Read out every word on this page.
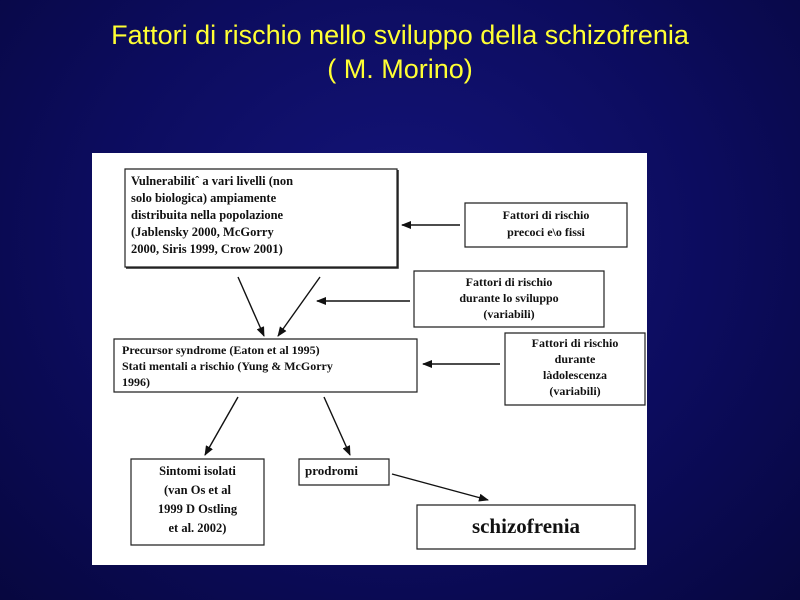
Fattori di rischio nello sviluppo della schizofrenia
( M. Morino)
Vulnerabilitˆ a vari livelli (non
solo biologica) ampiamente
distribuita nella popolazione
(Jablensky 2000, McGorry
2000, Siris 1999, Crow 2001)
Fattori di rischio
precoci e\o fissi
Fattori di rischio
durante lo sviluppo
(variabili)
Precursor syndrome (Eaton et al 1995)
Stati mentali a rischio (Yung & McGorry
1996)
Fattori di rischio
durante
làdolescenza
(variabili)
Sintomi isolati
(van Os et al
1999 D Ostling
et al. 2002)
prodromi
schizofrenia
